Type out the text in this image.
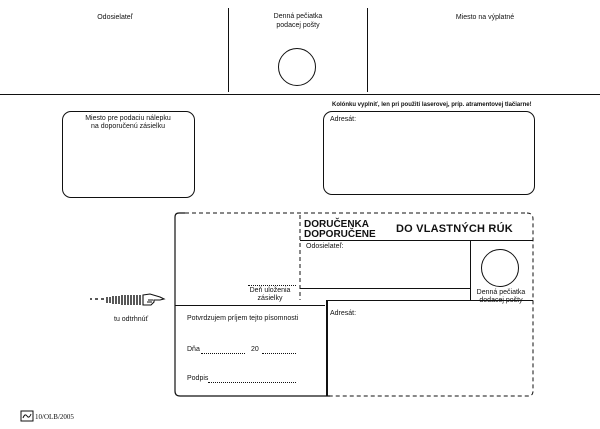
Odosielateľ	Denná pečiatka
podacej pošty
Miesto na výplatné
Miesto pre podaciu nálepku
na doporučenú zásielku
Kolónku vyplniť, len pri použití laserovej, príp. atramentovej tlačiarne!
Adresát:
DORUČENKA
DOPORUČENE DO VLASTNÝCH RÚK
Odosielateľ:
Deň uloženia
zásielky
Denná pečiatka
dodacej pošty
Potvrdzujem príjem tejto písomnosti
Dňa	20
Podpis
Adresát:
tu odtrhnúť
10/OLB/2005
